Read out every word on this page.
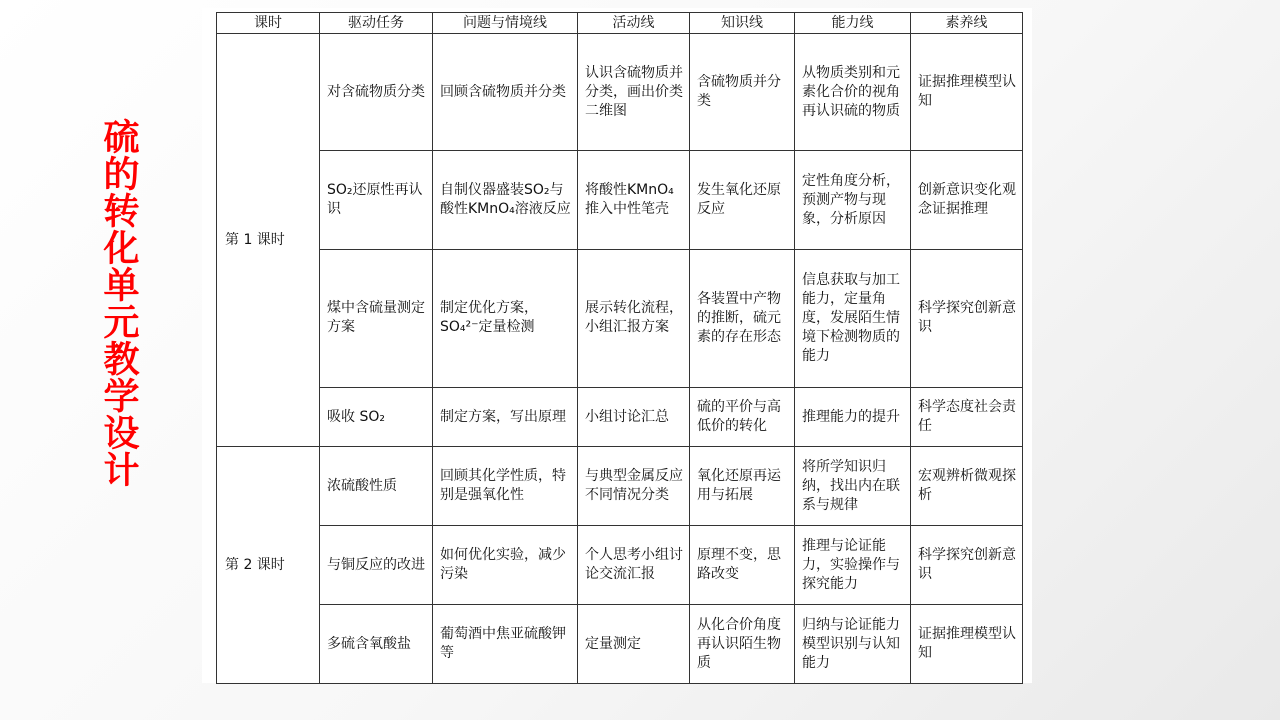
硫的转化单元教学设计
课时	驱动任务	问题与情境线	活动线	知识线	能力线	素养线
第 1 课时	对含硫物质分类	回顾含硫物质并分类	认识含硫物质并分类，画出价类二维图	含硫物质并分类	从物质类别和元素化合价的视角再认识硫的物质	证据推理模型认知
	SO₂还原性再认识	自制仪器盛装SO₂与酸性KMnO₄溶液反应	将酸性KMnO₄推入中性笔壳	发生氧化还原反应	定性角度分析，预测产物与现象，分析原因	创新意识变化观念证据推理
	煤中含硫量测定方案	制定优化方案，SO₄²⁻定量检测	展示转化流程，小组汇报方案	各装置中产物的推断，硫元素的存在形态	信息获取与加工能力，定量角度，发展陌生情境下检测物质的能力	科学探究创新意识
	吸收 SO₂	制定方案，写出原理	小组讨论汇总	硫的平价与高低价的转化	推理能力的提升	科学态度社会责任
第 2 课时	浓硫酸性质	回顾其化学性质，特别是强氧化性	与典型金属反应不同情况分类	氧化还原再运用与拓展	将所学知识归纳，找出内在联系与规律	宏观辨析微观探析
	与铜反应的改进	如何优化实验，减少污染	个人思考小组讨论交流汇报	原理不变，思路改变	推理与论证能力，实验操作与探究能力	科学探究创新意识
	多硫含氧酸盐	葡萄酒中焦亚硫酸钾等	定量测定	从化合价角度再认识陌生物质	归纳与论证能力模型识别与认知能力	证据推理模型认知
